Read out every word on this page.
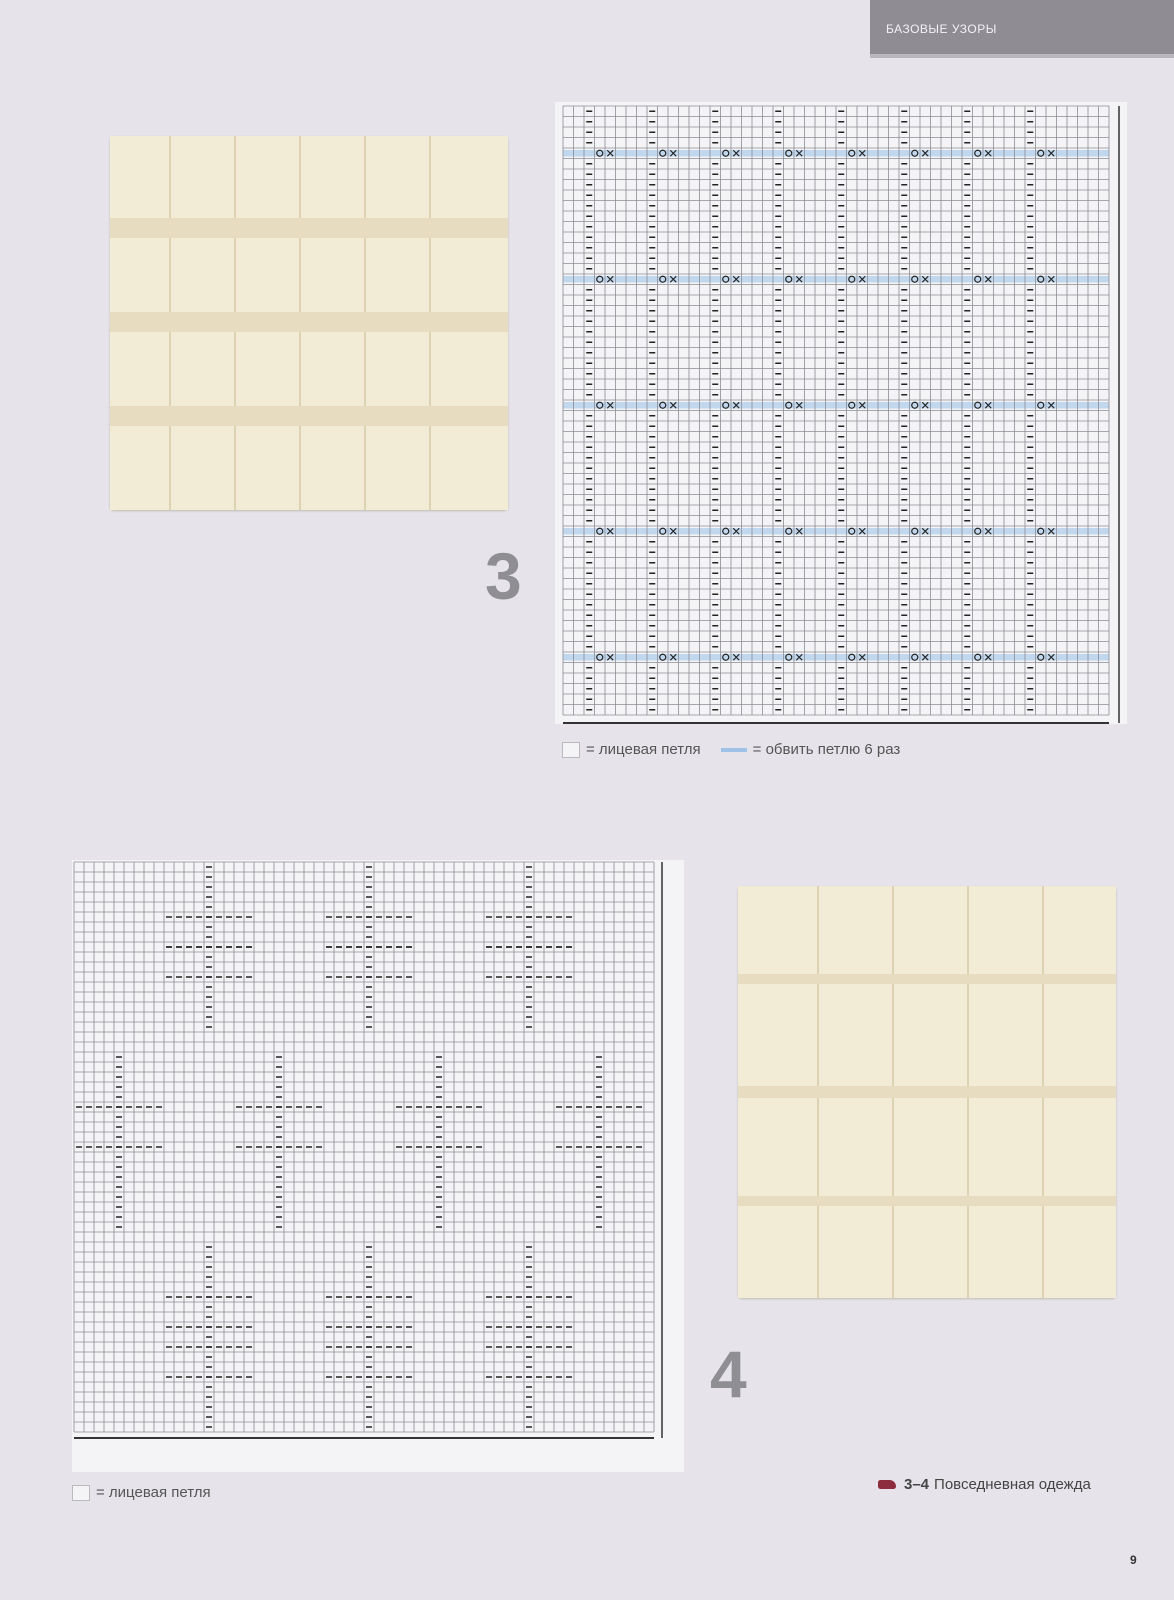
БАЗОВЫЕ УЗОРЫ
3
= лицевая петля	= обвить петлю 6 раз
4
= лицевая петля	3–4 Повседневная одежда
9
